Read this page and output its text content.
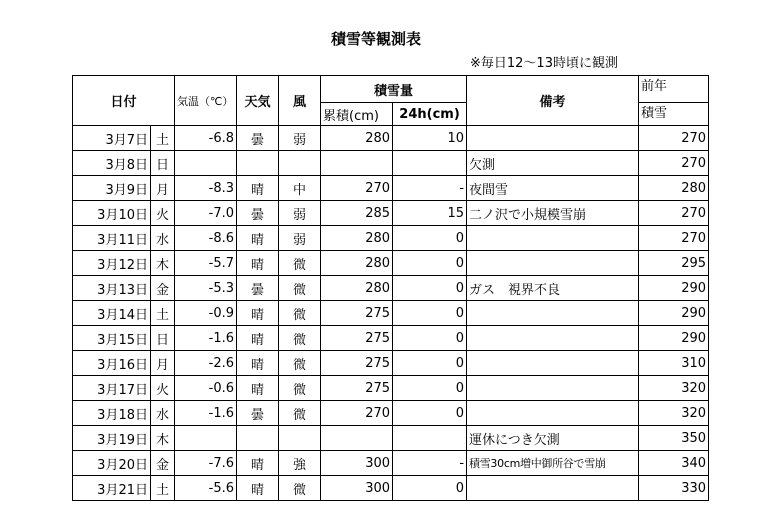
積雪等観測表
※毎日12～13時頃に観測
日付		気温（℃）	天気	風	積雪量		備考	前年
					累積(cm)	24h(cm)		積雪
3月7日	土	-6.8	曇	弱	280	10		270
3月8日	日						欠測	270
3月9日	月	-8.3	晴	中	270	-	夜間雪	280
3月10日	火	-7.0	曇	弱	285	15	二ノ沢で小規模雪崩	270
3月11日	水	-8.6	晴	弱	280	0		270
3月12日	木	-5.7	晴	微	280	0		295
3月13日	金	-5.3	曇	微	280	0	ガス　視界不良	290
3月14日	土	-0.9	晴	微	275	0		290
3月15日	日	-1.6	晴	微	275	0		290
3月16日	月	-2.6	晴	微	275	0		310
3月17日	火	-0.6	晴	微	275	0		320
3月18日	水	-1.6	曇	微	270	0		320
3月19日	木						運休につき欠測	350
3月20日	金	-7.6	晴	強	300	-	積雪30cm増中御所谷で雪崩	340
3月21日	土	-5.6	晴	微	300	0		330
